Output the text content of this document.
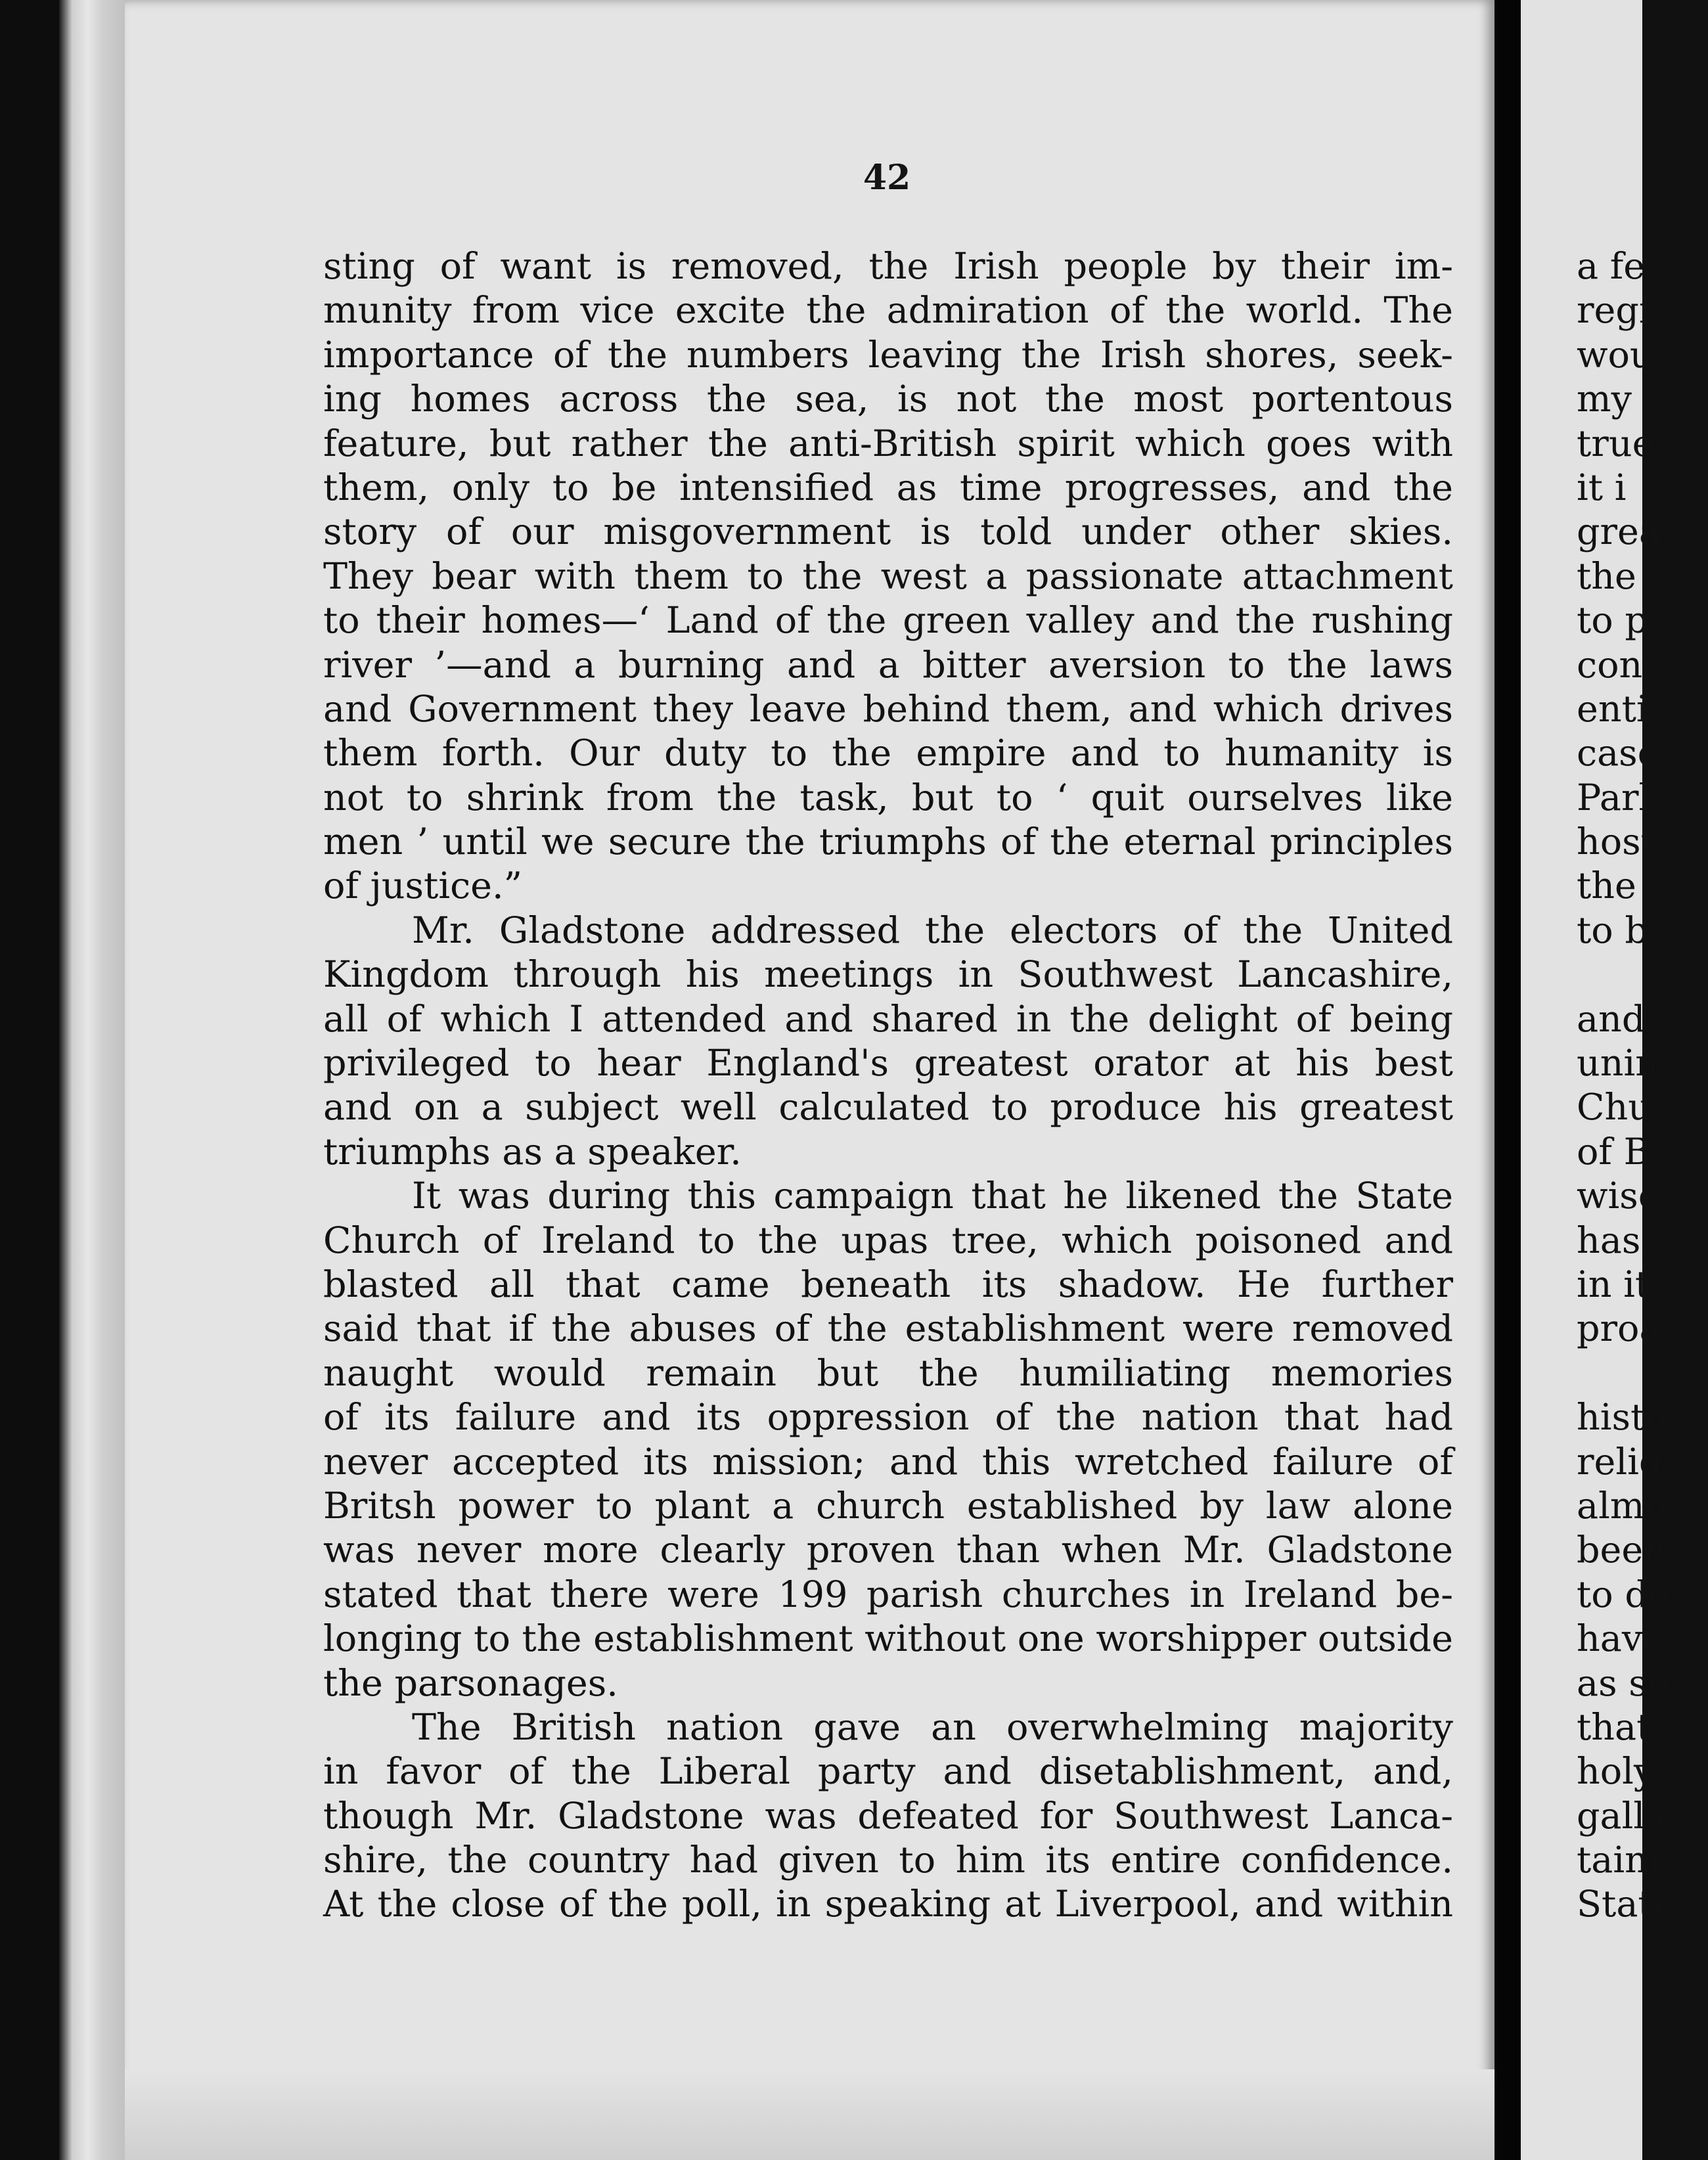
42
sting of want is removed, the Irish people by their im-
munity from vice excite the admiration of the world. The
importance of the numbers leaving the Irish shores, seek-
ing homes across the sea, is not the most portentous
feature, but rather the anti-British spirit which goes with
them, only to be intensified as time progresses, and the
story of our misgovernment is told under other skies.
They bear with them to the west a passionate attachment
to their homes—‘ Land of the green valley and the rushing
river ’—and a burning and a bitter aversion to the laws
and Government they leave behind them, and which drives
them forth. Our duty to the empire and to humanity is
not to shrink from the task, but to ‘ quit ourselves like
men ’ until we secure the triumphs of the eternal principles
of justice.”
Mr. Gladstone addressed the electors of the United
Kingdom through his meetings in Southwest Lancashire,
all of which I attended and shared in the delight of being
privileged to hear England's greatest orator at his best
and on a subject well calculated to produce his greatest
triumphs as a speaker.
It was during this campaign that he likened the State
Church of Ireland to the upas tree, which poisoned and
blasted all that came beneath its shadow. He further
said that if the abuses of the establishment were removed
naught would remain but the humiliating memories
of its failure and its oppression of the nation that had
never accepted its mission; and this wretched failure of
Britsh power to plant a church established by law alone
was never more clearly proven than when Mr. Gladstone
stated that there were 199 parish churches in Ireland be-
longing to the establishment without one worshipper outside
the parsonages.
The British nation gave an overwhelming majority
in favor of the Liberal party and disetablishment, and,
though Mr. Gladstone was defeated for Southwest Lanca-
shire, the country had given to him its entire confidence.
At the close of the poll, in speaking at Liverpool, and within
a fe
regi
wou
my
true
it i
grea
the
to p
cons
enti
case
Parl
host
the
to b
and,
unin
Chu
of B
wise
has
in it
proa
histo
relig
almo
been
to de
have
as so
that
holy
galla
taini
State
